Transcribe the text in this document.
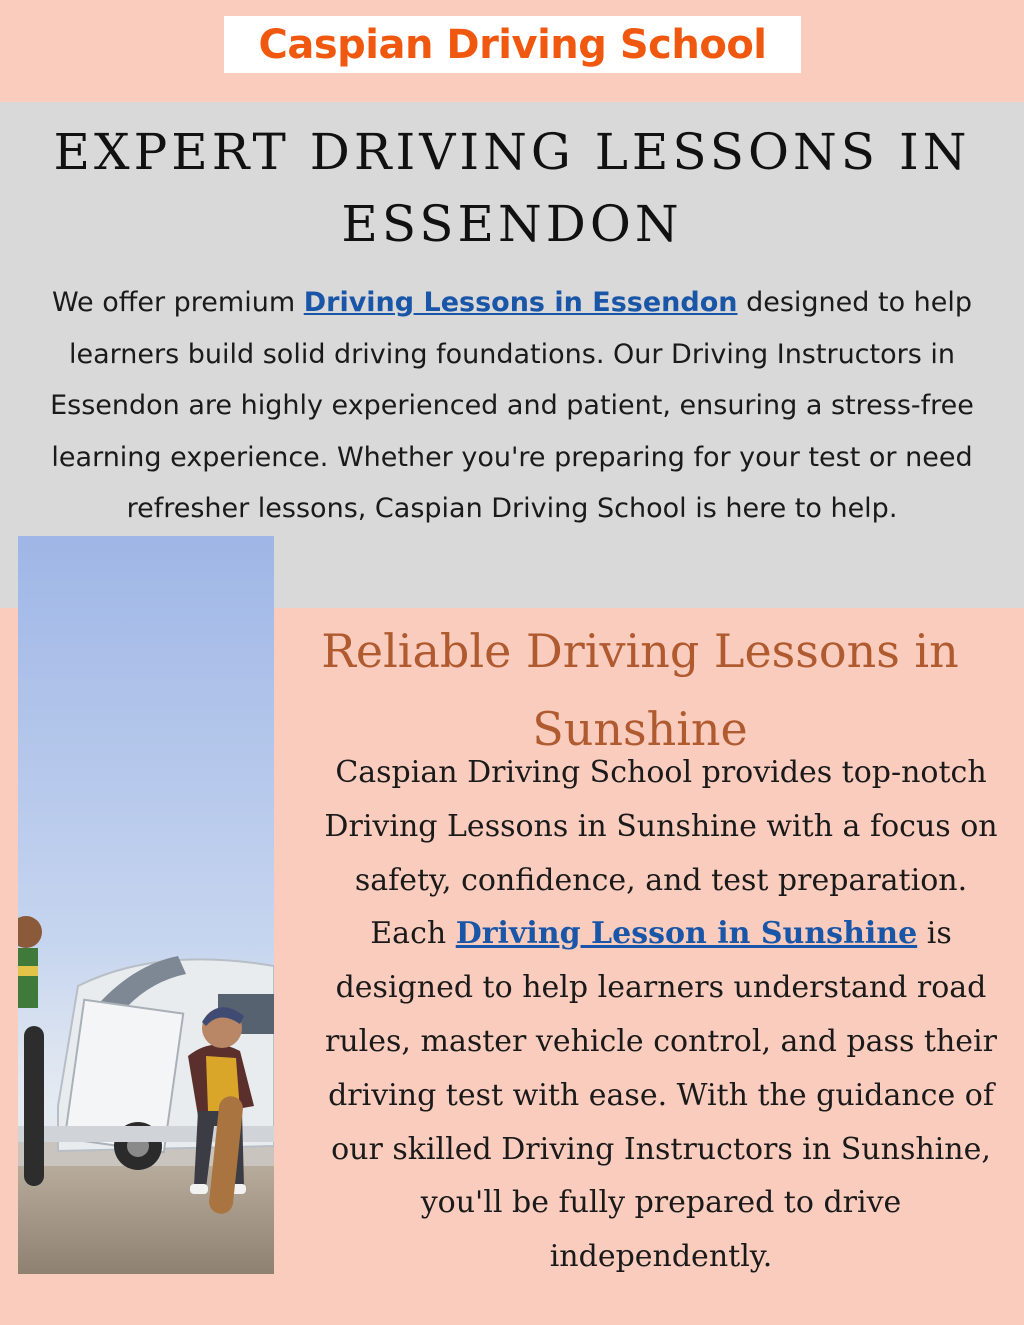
Caspian Driving School
EXPERT DRIVING LESSONS IN ESSENDON

We offer premium Driving Lessons in Essendon designed to help learners build solid driving foundations. Our Driving Instructors in Essendon are highly experienced and patient, ensuring a stress-free learning experience. Whether you're preparing for your test or need refresher lessons, Caspian Driving School is here to help.

Reliable Driving Lessons in Sunshine

Caspian Driving School provides top-notch Driving Lessons in Sunshine with a focus on safety, confidence, and test preparation. Each Driving Lesson in Sunshine is designed to help learners understand road rules, master vehicle control, and pass their driving test with ease. With the guidance of our skilled Driving Instructors in Sunshine, you'll be fully prepared to drive independently.
